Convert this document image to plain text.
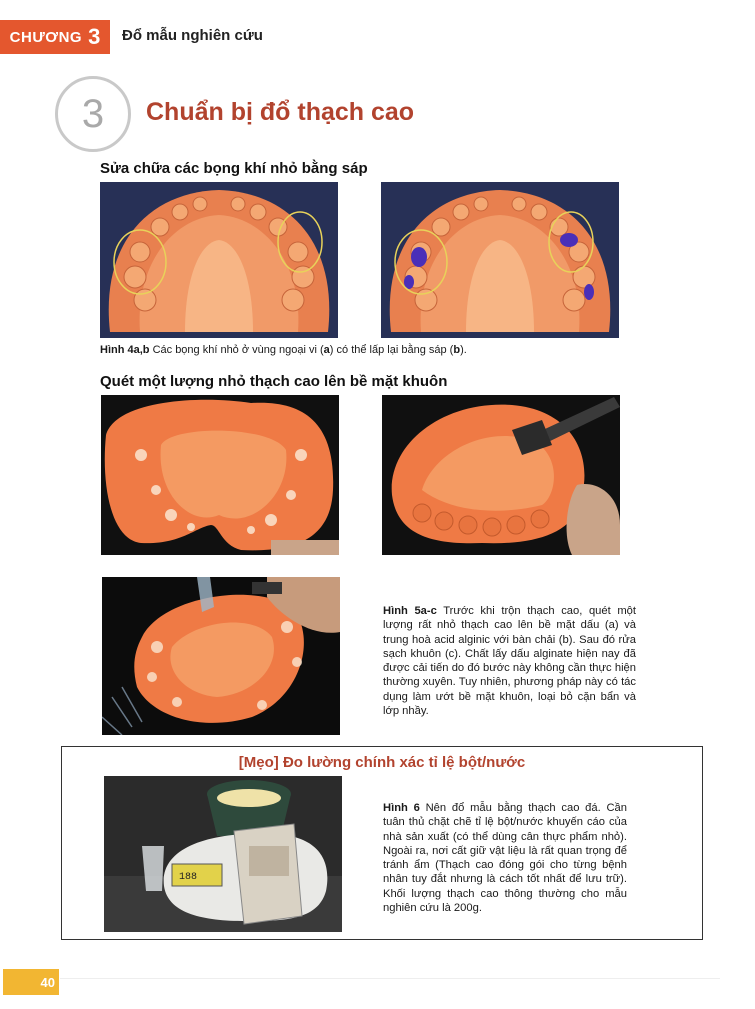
CHƯƠNG 3 Đổ mẫu nghiên cứu
3 Chuẩn bị đổ thạch cao
Sửa chữa các bọng khí nhỏ bằng sáp
Hình 4a,b Các bọng khí nhỏ ở vùng ngoại vi (a) có thể lấp lại bằng sáp (b).
Quét một lượng nhỏ thạch cao lên bề mặt khuôn
Hình 5a-c Trước khi trộn thạch cao, quét một lượng rất nhỏ thạch cao lên bề mặt dấu (a) và trung hoà acid alginic với bàn chải (b). Sau đó rửa sạch khuôn (c). Chất lấy dấu alginate hiện nay đã được cải tiến do đó bước này không cần thực hiện thường xuyên. Tuy nhiên, phương pháp này có tác dụng làm ướt bề mặt khuôn, loại bỏ cặn bẩn và lớp nhầy.
[Mẹo] Đo lường chính xác tỉ lệ bột/nước
188
Hình 6 Nên đổ mẫu bằng thạch cao đá. Cần tuân thủ chặt chẽ tỉ lệ bột/nước khuyến cáo của nhà sản xuất (có thể dùng cân thực phẩm nhỏ). Ngoài ra, nơi cất giữ vật liệu là rất quan trọng để tránh ẩm (Thạch cao đóng gói cho từng bệnh nhân tuy đắt nhưng là cách tốt nhất để lưu trữ). Khối lượng thạch cao thông thường cho mẫu nghiên cứu là 200g.
40
